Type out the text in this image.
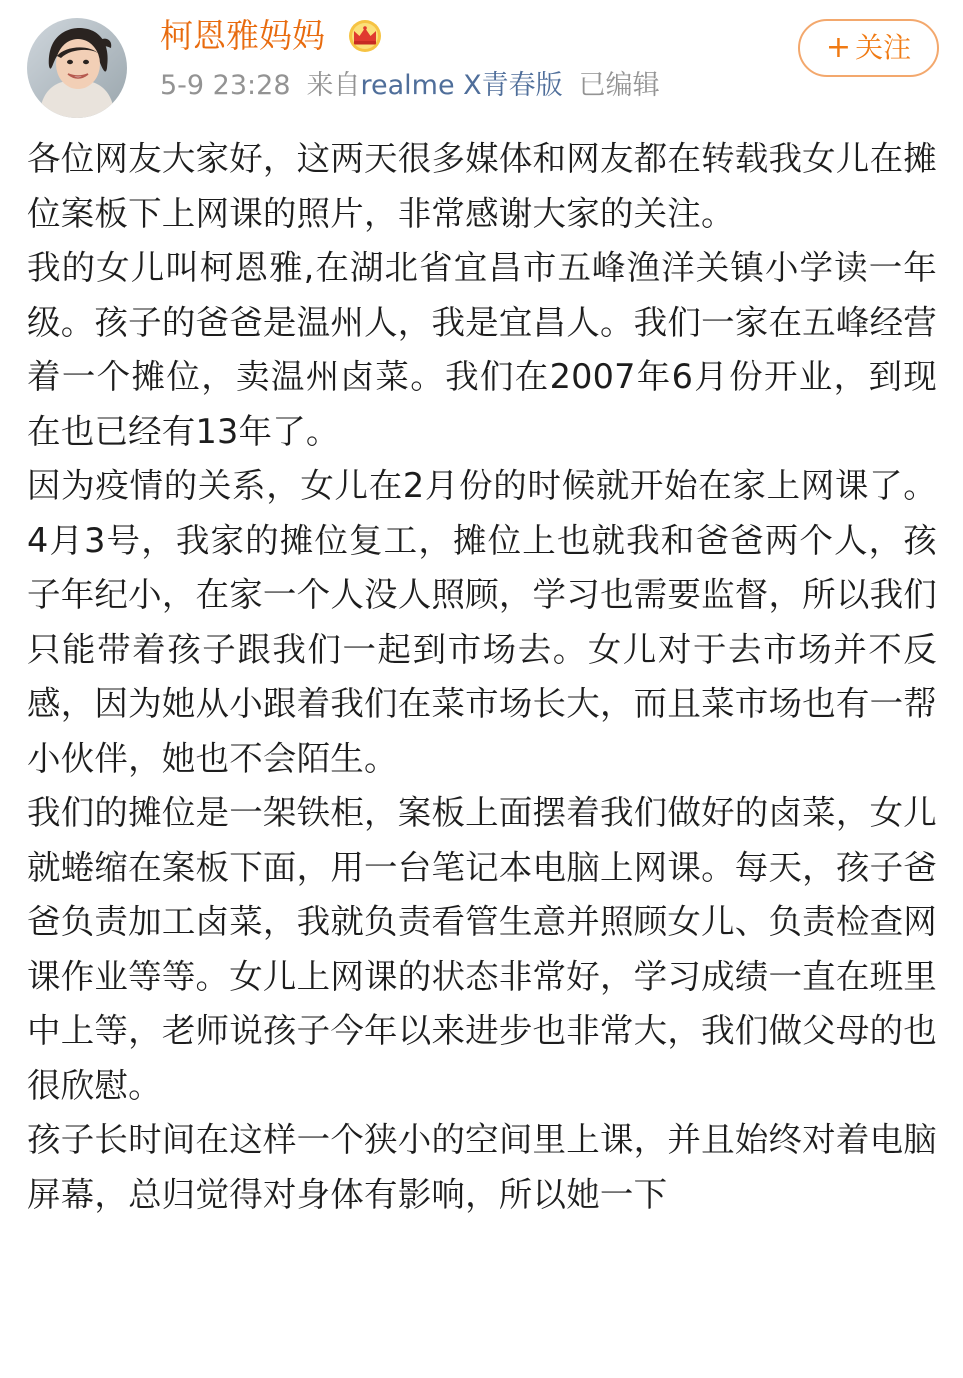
柯恩雅妈妈
5-9 23:28 来自realme X青春版 已编辑
+ 关注

各位网友大家好，这两天很多媒体和网友都在转载我女儿在摊位案板下上网课的照片，非常感谢大家的关注。

我的女儿叫柯恩雅,在湖北省宜昌市五峰渔洋关镇小学读一年级。孩子的爸爸是温州人，我是宜昌人。我们一家在五峰经营着一个摊位，卖温州卤菜。我们在2007年6月份开业，到现在也已经有13年了。

因为疫情的关系，女儿在2月份的时候就开始在家上网课了。4月3号，我家的摊位复工，摊位上也就我和爸爸两个人，孩子年纪小，在家一个人没人照顾，学习也需要监督，所以我们只能带着孩子跟我们一起到市场去。女儿对于去市场并不反感，因为她从小跟着我们在菜市场长大，而且菜市场也有一帮小伙伴，她也不会陌生。

我们的摊位是一架铁柜，案板上面摆着我们做好的卤菜，女儿就蜷缩在案板下面，用一台笔记本电脑上网课。每天，孩子爸爸负责加工卤菜，我就负责看管生意并照顾女儿、负责检查网课作业等等。女儿上网课的状态非常好，学习成绩一直在班里中上等，老师说孩子今年以来进步也非常大，我们做父母的也很欣慰。

孩子长时间在这样一个狭小的空间里上课，并且始终对着电脑屏幕，总归觉得对身体有影响，所以她一下
